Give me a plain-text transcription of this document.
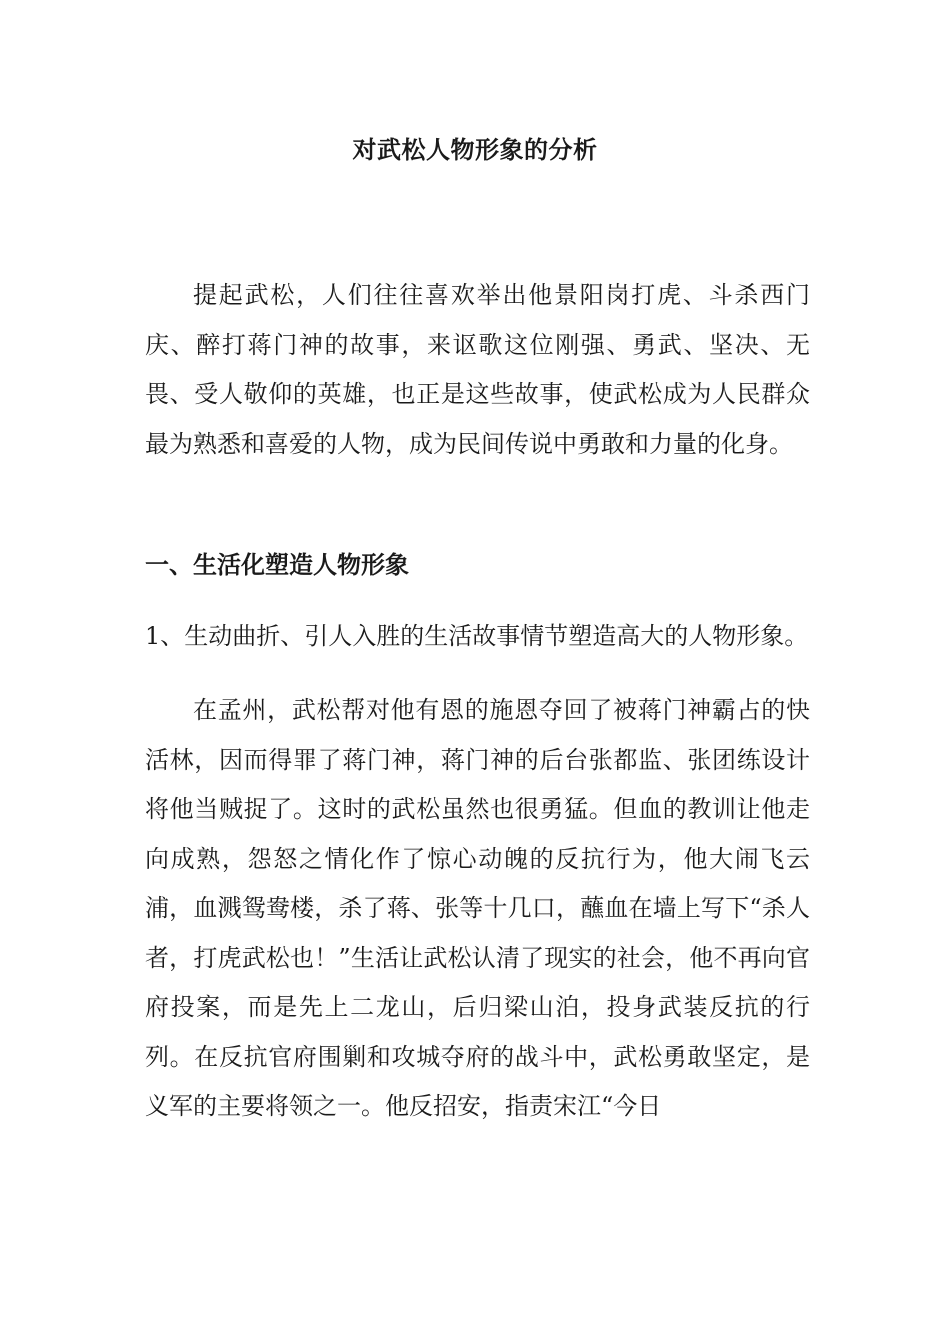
对武松人物形象的分析

提起武松，人们往往喜欢举出他景阳岗打虎、斗杀西门庆、醉打蒋门神的故事，来讴歌这位刚强、勇武、坚决、无畏、受人敬仰的英雄，也正是这些故事，使武松成为人民群众最为熟悉和喜爱的人物，成为民间传说中勇敢和力量的化身。

一、生活化塑造人物形象

1、生动曲折、引人入胜的生活故事情节塑造高大的人物形象。

在孟州，武松帮对他有恩的施恩夺回了被蒋门神霸占的快活林，因而得罪了蒋门神，蒋门神的后台张都监、张团练设计将他当贼捉了。这时的武松虽然也很勇猛。但血的教训让他走向成熟，怨怒之情化作了惊心动魄的反抗行为，他大闹飞云浦，血溅鸳鸯楼，杀了蒋、张等十几口，蘸血在墙上写下“杀人者，打虎武松也！”生活让武松认清了现实的社会，他不再向官府投案，而是先上二龙山，后归梁山泊，投身武装反抗的行列。在反抗官府围剿和攻城夺府的战斗中，武松勇敢坚定，是义军的主要将领之一。他反招安，指责宋江“今日
